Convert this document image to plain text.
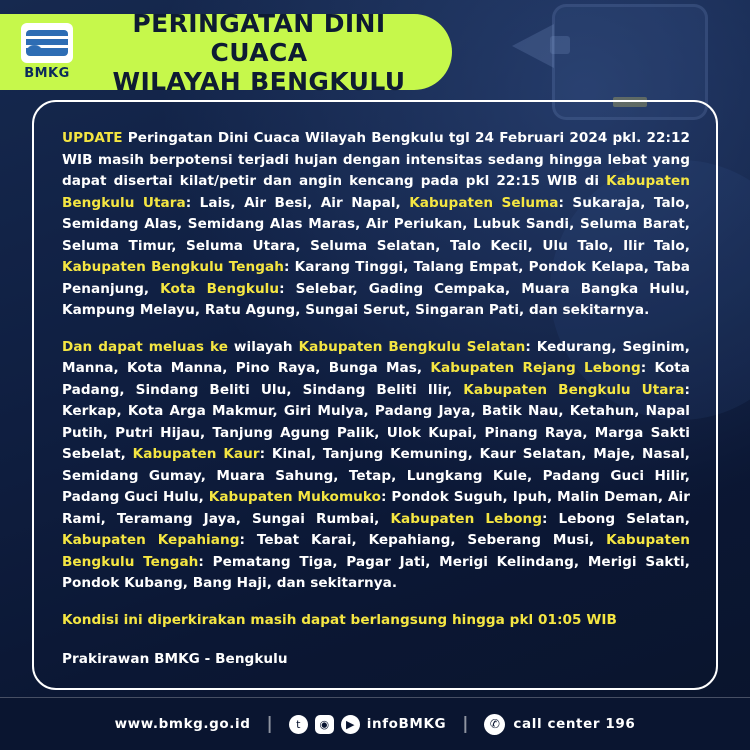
BMKG
PERINGATAN DINI CUACA
WILAYAH BENGKULU

UPDATE Peringatan Dini Cuaca Wilayah Bengkulu tgl 24 Februari 2024 pkl. 22:12 WIB masih berpotensi terjadi hujan dengan intensitas sedang hingga lebat yang dapat disertai kilat/petir dan angin kencang pada pkl 22:15 WIB di Kabupaten Bengkulu Utara: Lais, Air Besi, Air Napal, Kabupaten Seluma: Sukaraja, Talo, Semidang Alas, Semidang Alas Maras, Air Periukan, Lubuk Sandi, Seluma Barat, Seluma Timur, Seluma Utara, Seluma Selatan, Talo Kecil, Ulu Talo, Ilir Talo, Kabupaten Bengkulu Tengah: Karang Tinggi, Talang Empat, Pondok Kelapa, Taba Penanjung, Kota Bengkulu: Selebar, Gading Cempaka, Muara Bangka Hulu, Kampung Melayu, Ratu Agung, Sungai Serut, Singaran Pati, dan sekitarnya.

Dan dapat meluas ke wilayah Kabupaten Bengkulu Selatan: Kedurang, Seginim, Manna, Kota Manna, Pino Raya, Bunga Mas, Kabupaten Rejang Lebong: Kota Padang, Sindang Beliti Ulu, Sindang Beliti Ilir, Kabupaten Bengkulu Utara: Kerkap, Kota Arga Makmur, Giri Mulya, Padang Jaya, Batik Nau, Ketahun, Napal Putih, Putri Hijau, Tanjung Agung Palik, Ulok Kupai, Pinang Raya, Marga Sakti Sebelat, Kabupaten Kaur: Kinal, Tanjung Kemuning, Kaur Selatan, Maje, Nasal, Semidang Gumay, Muara Sahung, Tetap, Lungkang Kule, Padang Guci Hilir, Padang Guci Hulu, Kabupaten Mukomuko: Pondok Suguh, Ipuh, Malin Deman, Air Rami, Teramang Jaya, Sungai Rumbai, Kabupaten Lebong: Lebong Selatan, Kabupaten Kepahiang: Tebat Karai, Kepahiang, Seberang Musi, Kabupaten Bengkulu Tengah: Pematang Tiga, Pagar Jati, Merigi Kelindang, Merigi Sakti, Pondok Kubang, Bang Haji, dan sekitarnya.

Kondisi ini diperkirakan masih dapat berlangsung hingga pkl 01:05 WIB

Prakirawan BMKG - Bengkulu

www.bmkg.go.id |	t	◉	▶ infoBMKG |	✆ call center 196
